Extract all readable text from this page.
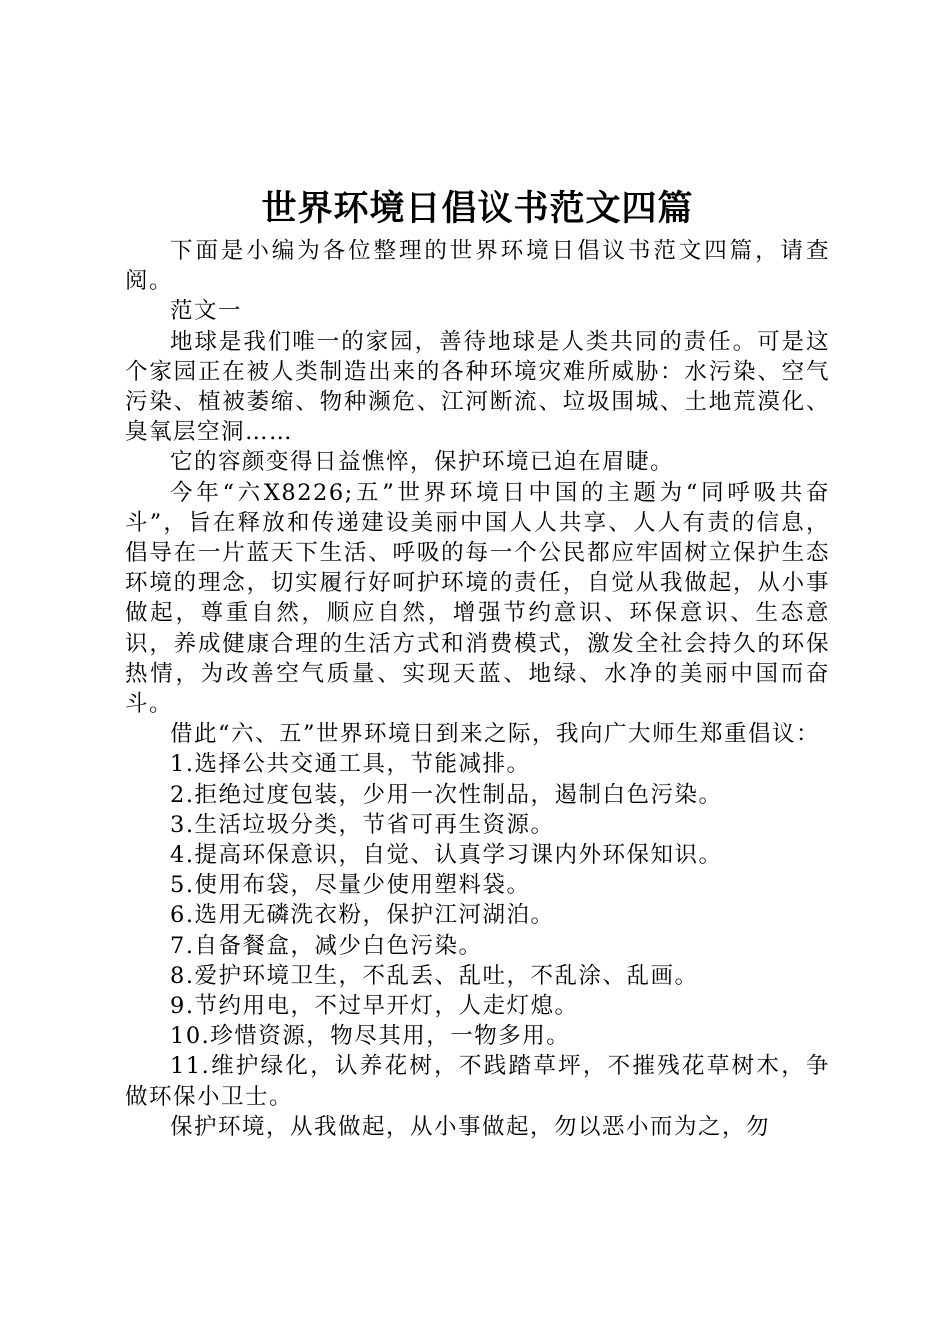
世界环境日倡议书范文四篇

下面是小编为各位整理的世界环境日倡议书范文四篇，请查阅。

范文一

地球是我们唯一的家园，善待地球是人类共同的责任。可是这个家园正在被人类制造出来的各种环境灾难所威胁：水污染、空气污染、植被萎缩、物种濒危、江河断流、垃圾围城、土地荒漠化、臭氧层空洞……

它的容颜变得日益憔悴，保护环境已迫在眉睫。

今年“六X8226;五”世界环境日中国的主题为“同呼吸共奋斗”，旨在释放和传递建设美丽中国人人共享、人人有责的信息，倡导在一片蓝天下生活、呼吸的每一个公民都应牢固树立保护生态环境的理念，切实履行好呵护环境的责任，自觉从我做起，从小事做起，尊重自然，顺应自然，增强节约意识、环保意识、生态意识，养成健康合理的生活方式和消费模式，激发全社会持久的环保热情，为改善空气质量、实现天蓝、地绿、水净的美丽中国而奋斗。

借此“六、五”世界环境日到来之际，我向广大师生郑重倡议：

1.选择公共交通工具，节能减排。

2.拒绝过度包装，少用一次性制品，遏制白色污染。

3.生活垃圾分类，节省可再生资源。

4.提高环保意识，自觉、认真学习课内外环保知识。

5.使用布袋，尽量少使用塑料袋。

6.选用无磷洗衣粉，保护江河湖泊。

7.自备餐盒，减少白色污染。

8.爱护环境卫生，不乱丢、乱吐，不乱涂、乱画。

9.节约用电，不过早开灯，人走灯熄。

10.珍惜资源，物尽其用，一物多用。

11.维护绿化，认养花树，不践踏草坪，不摧残花草树木，争做环保小卫士。

保护环境，从我做起，从小事做起，勿以恶小而为之，勿
